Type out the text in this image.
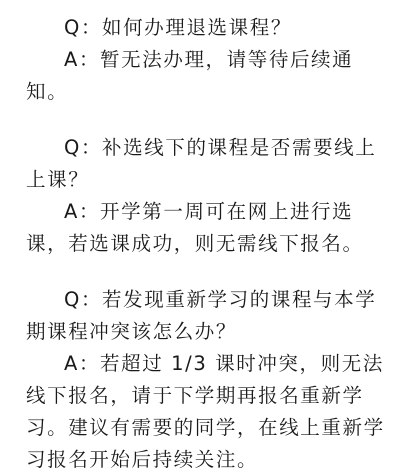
Q：如何办理退选课程？

A：暂无法办理，请等待后续通知。

Q：补选线下的课程是否需要线上上课？

A：开学第一周可在网上进行选课，若选课成功，则无需线下报名。

Q：若发现重新学习的课程与本学期课程冲突该怎么办？

A：若超过 1/3 课时冲突，则无法线下报名，请于下学期再报名重新学习。建议有需要的同学，在线上重新学习报名开始后持续关注。
